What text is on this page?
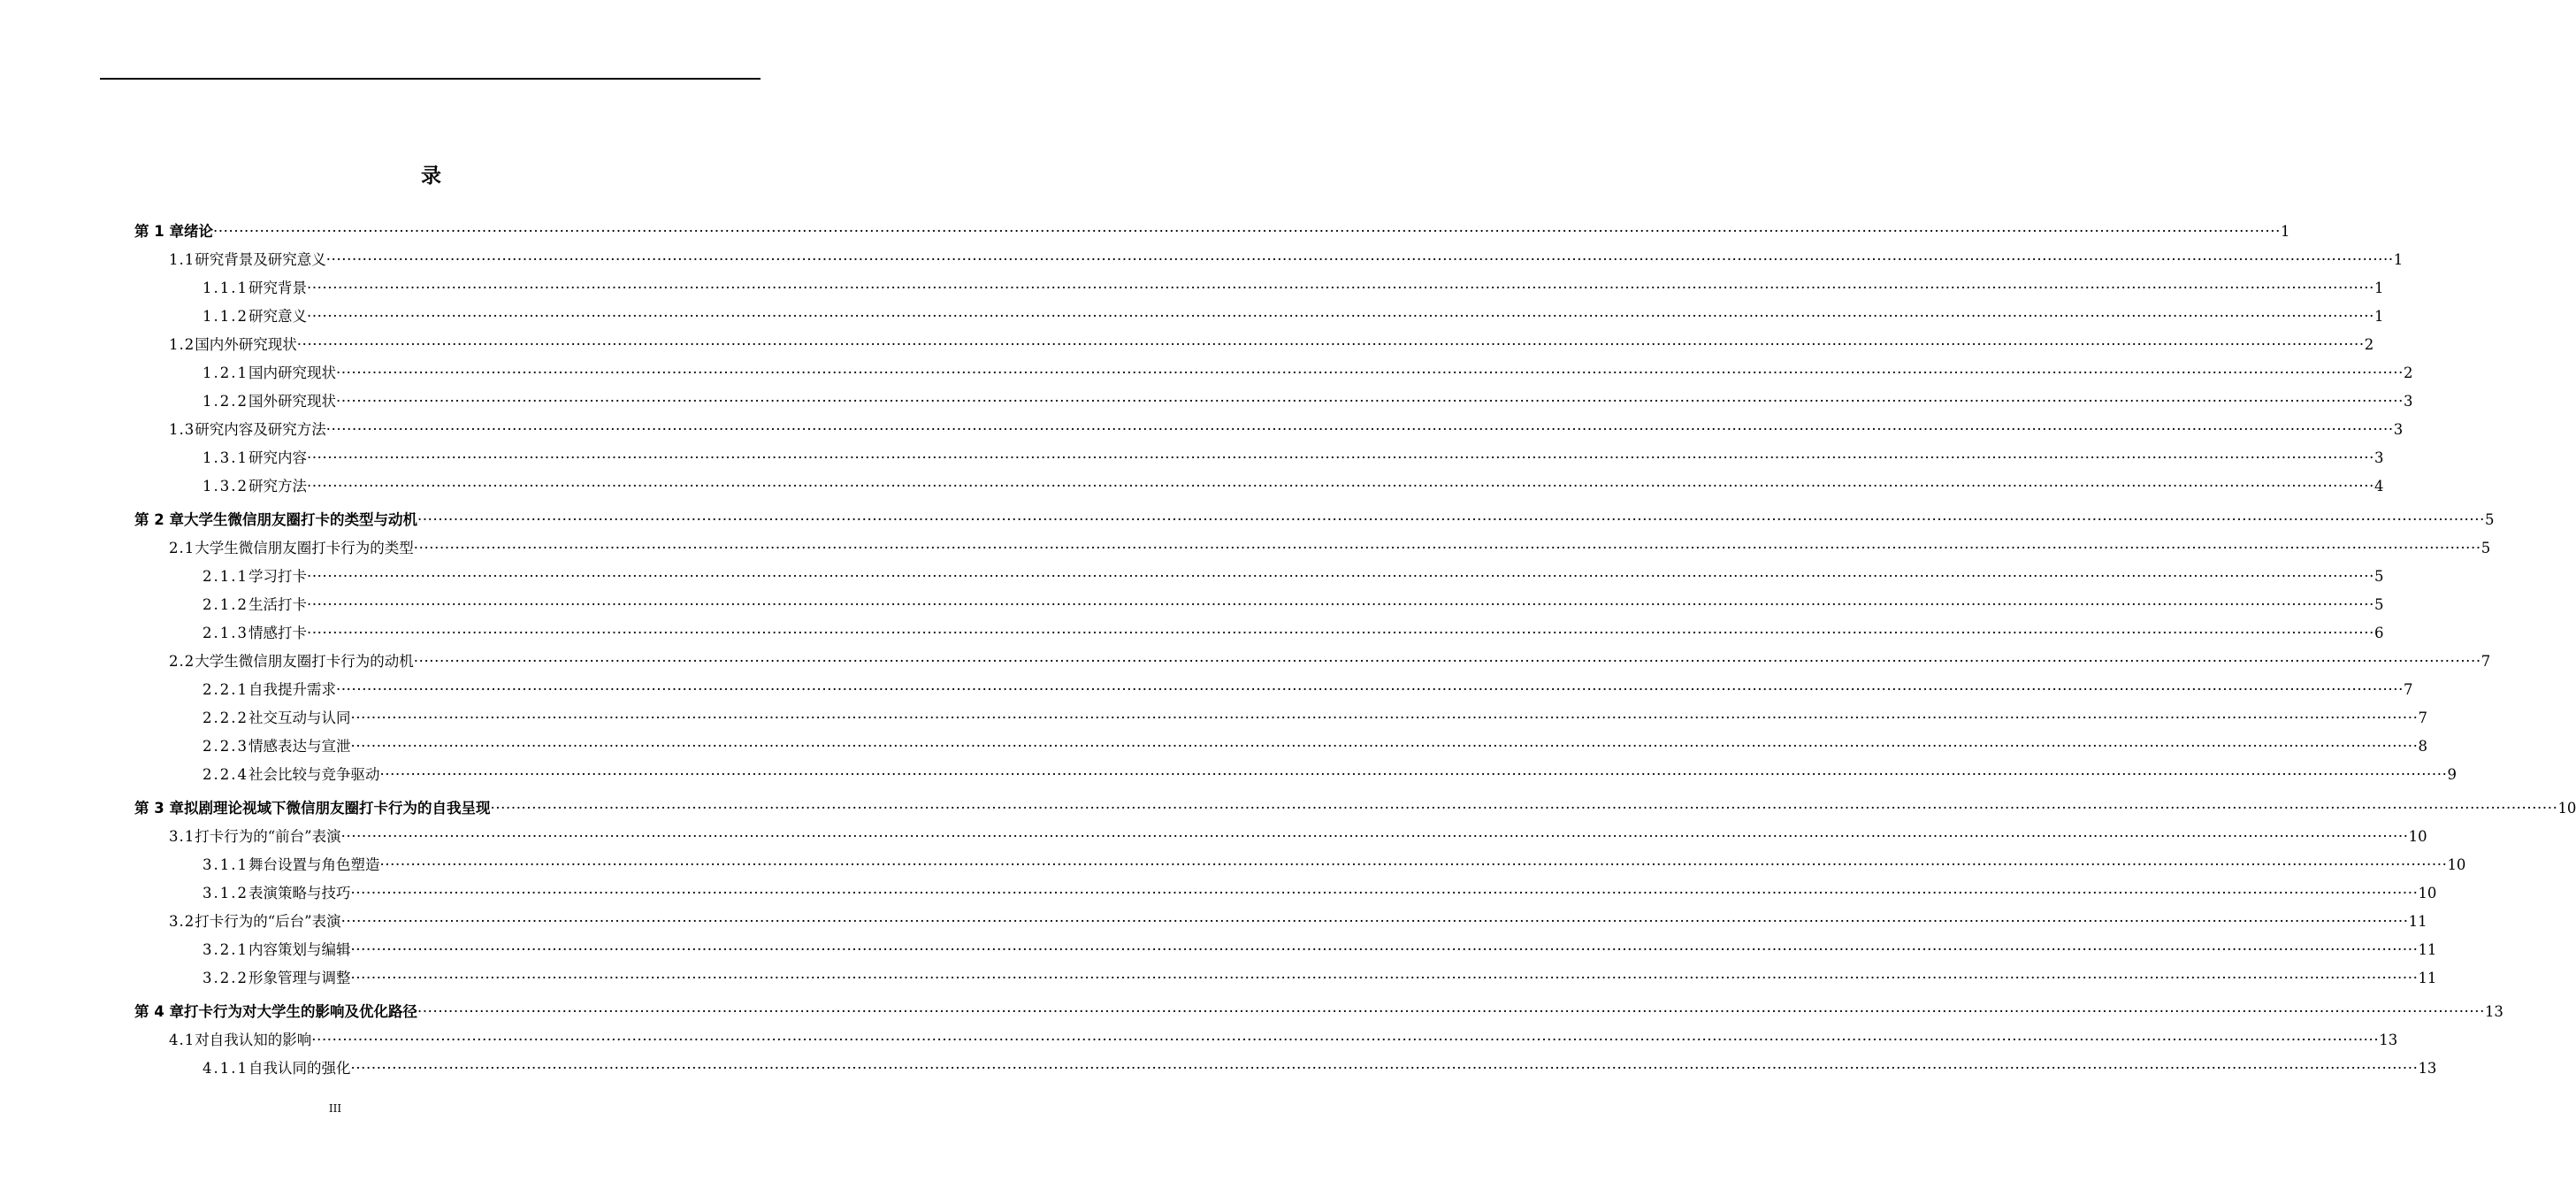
录
第 1 章 绪论 ················································································································································································································································································································································································································ 1
1.1 研究背景及研究意义 ················································································································································································································································································································································································································ 1
1.1.1 研究背景 ················································································································································································································································································································································································································ 1
1.1.2 研究意义 ················································································································································································································································································································································································································ 1
1.2 国内外研究现状 ················································································································································································································································································································································································································ 2
1.2.1 国内研究现状 ················································································································································································································································································································································································································ 2
1.2.2 国外研究现状 ················································································································································································································································································································································································································ 3
1.3 研究内容及研究方法 ················································································································································································································································································································································································································ 3
1.3.1 研究内容 ················································································································································································································································································································································································································ 3
1.3.2 研究方法 ················································································································································································································································································································································································································ 4
第 2 章 大学生微信朋友圈打卡的类型与动机 ················································································································································································································································································································································································································ 5
2.1 大学生微信朋友圈打卡行为的类型 ················································································································································································································································································································································································································ 5
2.1.1 学习打卡 ················································································································································································································································································································································································································ 5
2.1.2 生活打卡 ················································································································································································································································································································································································································ 5
2.1.3 情感打卡 ················································································································································································································································································································································································································ 6
2.2 大学生微信朋友圈打卡行为的动机 ················································································································································································································································································································································································································ 7
2.2.1 自我提升需求 ················································································································································································································································································································································································································ 7
2.2.2 社交互动与认同 ················································································································································································································································································································································································································ 7
2.2.3 情感表达与宣泄 ················································································································································································································································································································································································································ 8
2.2.4 社会比较与竞争驱动 ················································································································································································································································································································································································································ 9
第 3 章 拟剧理论视域下微信朋友圈打卡行为的自我呈现 ················································································································································································································································································································································································································ 10
3.1 打卡行为的“前台”表演 ················································································································································································································································································································································································································ 10
3.1.1 舞台设置与角色塑造 ················································································································································································································································································································································································································ 10
3.1.2 表演策略与技巧 ················································································································································································································································································································································································································ 10
3.2 打卡行为的“后台”表演 ················································································································································································································································································································································································································ 11
3.2.1 内容策划与编辑 ················································································································································································································································································································································································································ 11
3.2.2 形象管理与调整 ················································································································································································································································································································································································································ 11
第 4 章 打卡行为对大学生的影响及优化路径 ················································································································································································································································································································································································································ 13
4.1 对自我认知的影响 ················································································································································································································································································································································································································ 13
4.1.1 自我认同的强化 ················································································································································································································································································································································································································ 13
III
